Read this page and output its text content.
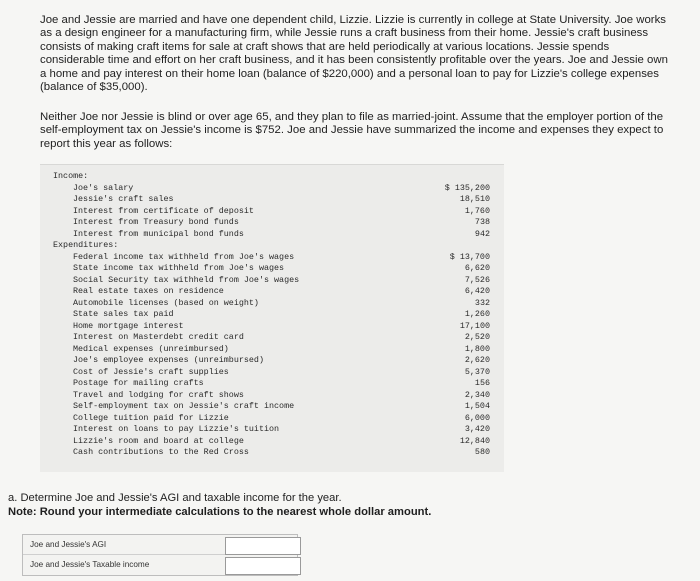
Joe and Jessie are married and have one dependent child, Lizzie. Lizzie is currently in college at State University. Joe works as a design engineer for a manufacturing firm, while Jessie runs a craft business from their home. Jessie's craft business consists of making craft items for sale at craft shows that are held periodically at various locations. Jessie spends considerable time and effort on her craft business, and it has been consistently profitable over the years. Joe and Jessie own a home and pay interest on their home loan (balance of $220,000) and a personal loan to pay for Lizzie's college expenses (balance of $35,000).
Neither Joe nor Jessie is blind or over age 65, and they plan to file as married-joint. Assume that the employer portion of the self-employment tax on Jessie's income is $752. Joe and Jessie have summarized the income and expenses they expect to report this year as follows:
Income:
Joe's salary	$ 135,200
Jessie's craft sales	18,510
Interest from certificate of deposit	1,760
Interest from Treasury bond funds	738
Interest from municipal bond funds	942
Expenditures:
Federal income tax withheld from Joe's wages	$ 13,700
State income tax withheld from Joe's wages	6,620
Social Security tax withheld from Joe's wages	7,526
Real estate taxes on residence	6,420
Automobile licenses (based on weight)	332
State sales tax paid	1,260
Home mortgage interest	17,100
Interest on Masterdebt credit card	2,520
Medical expenses (unreimbursed)	1,800
Joe's employee expenses (unreimbursed)	2,620
Cost of Jessie's craft supplies	5,370
Postage for mailing crafts	156
Travel and lodging for craft shows	2,340
Self-employment tax on Jessie's craft income	1,504
College tuition paid for Lizzie	6,000
Interest on loans to pay Lizzie's tuition	3,420
Lizzie's room and board at college	12,840
Cash contributions to the Red Cross	580
a. Determine Joe and Jessie's AGI and taxable income for the year.
Note: Round your intermediate calculations to the nearest whole dollar amount.
Joe and Jessie's AGI
Joe and Jessie's Taxable income
